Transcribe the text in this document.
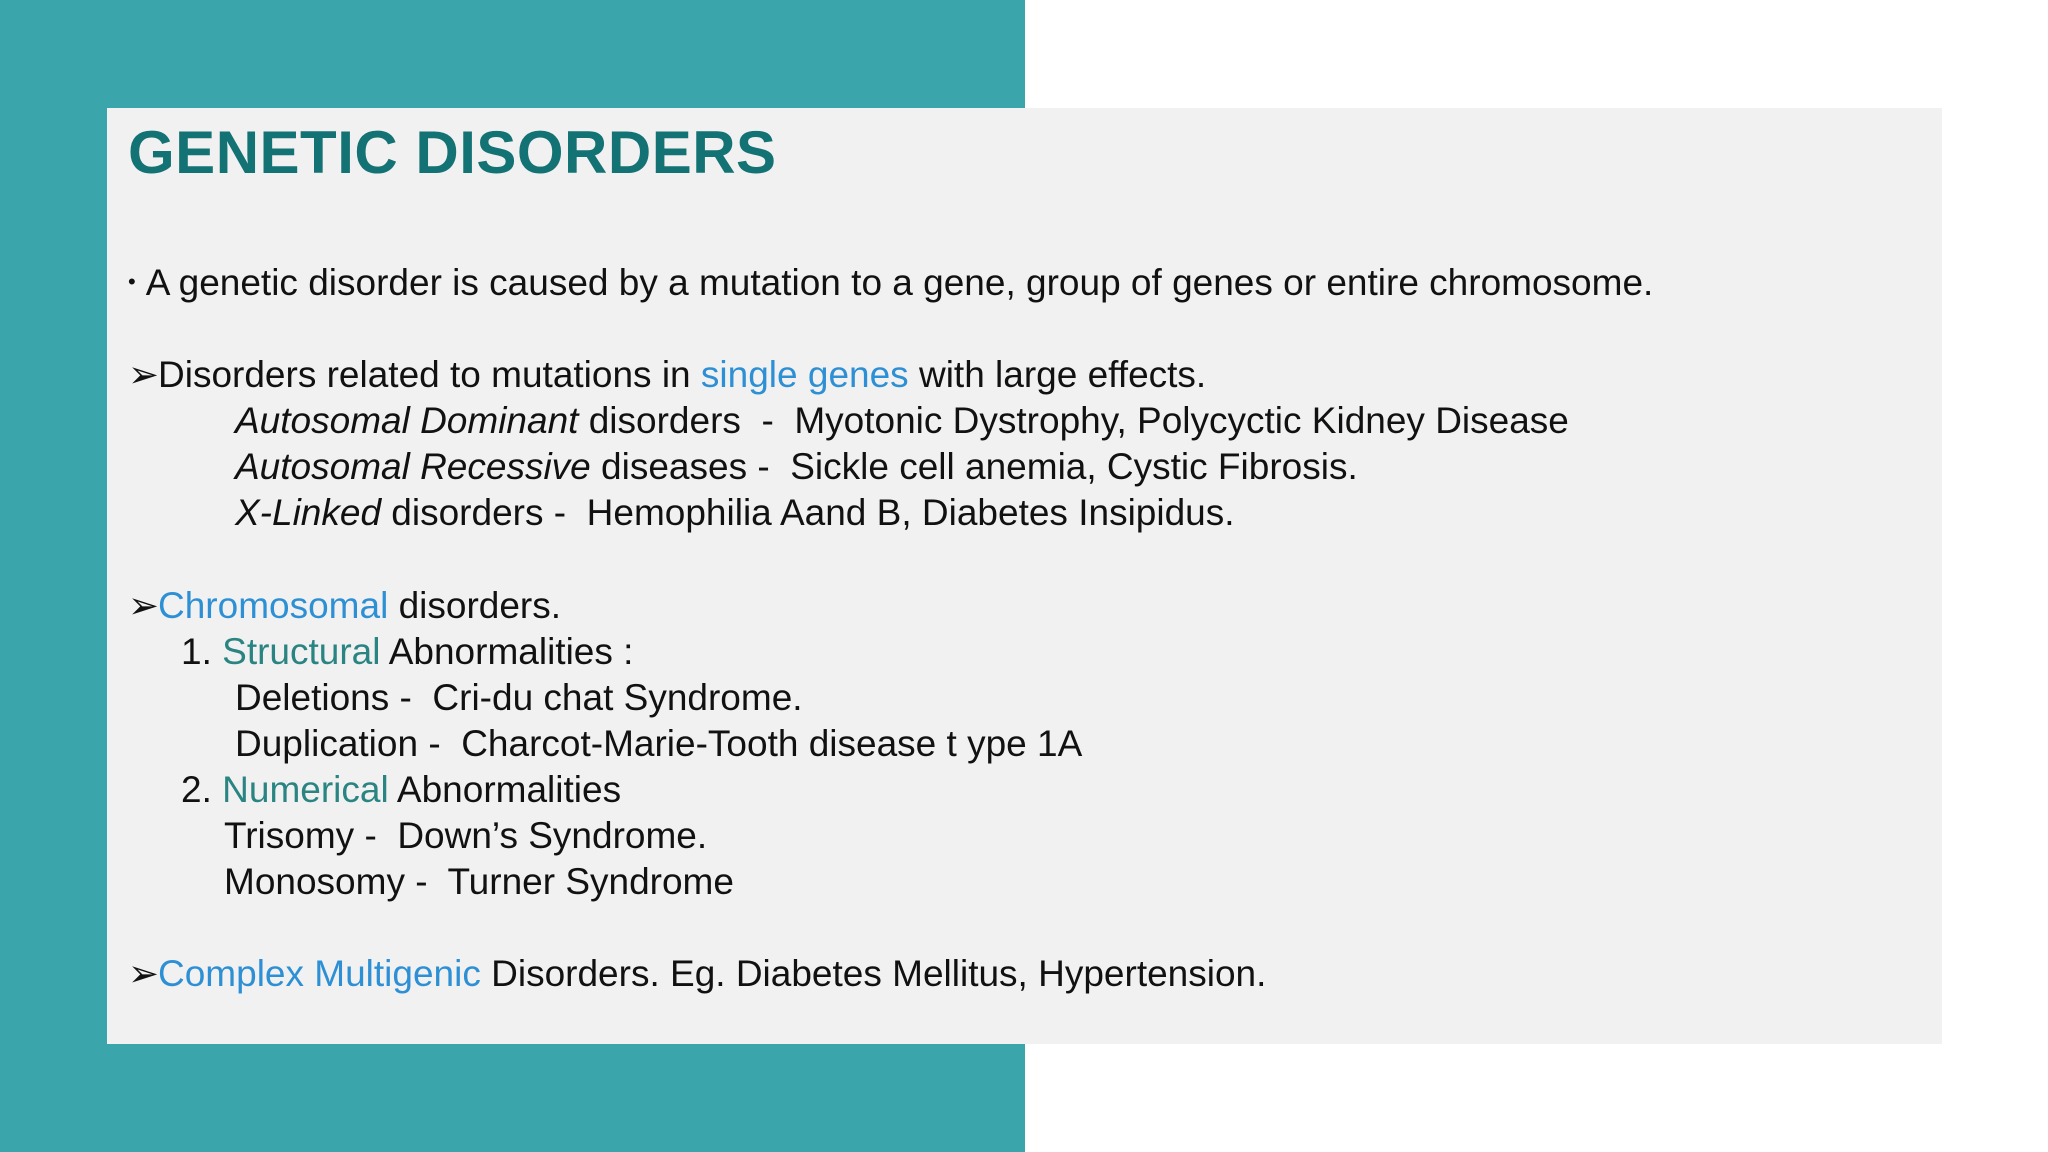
GENETIC DISORDERS
• A genetic disorder is caused by a mutation to a gene, group of genes or entire chromosome.
➢Disorders related to mutations in single genes with large effects.
Autosomal Dominant disorders  -  Myotonic Dystrophy, Polycyctic Kidney Disease
Autosomal Recessive diseases -  Sickle cell anemia, Cystic Fibrosis.
X-Linked disorders -  Hemophilia Aand B, Diabetes Insipidus.
➢Chromosomal disorders.
1. Structural Abnormalities :
Deletions -  Cri-du chat Syndrome.
Duplication -  Charcot-Marie-Tooth disease t ype 1A
2. Numerical Abnormalities
Trisomy -  Down’s Syndrome.
Monosomy -  Turner Syndrome
➢Complex Multigenic Disorders. Eg. Diabetes Mellitus, Hypertension.
